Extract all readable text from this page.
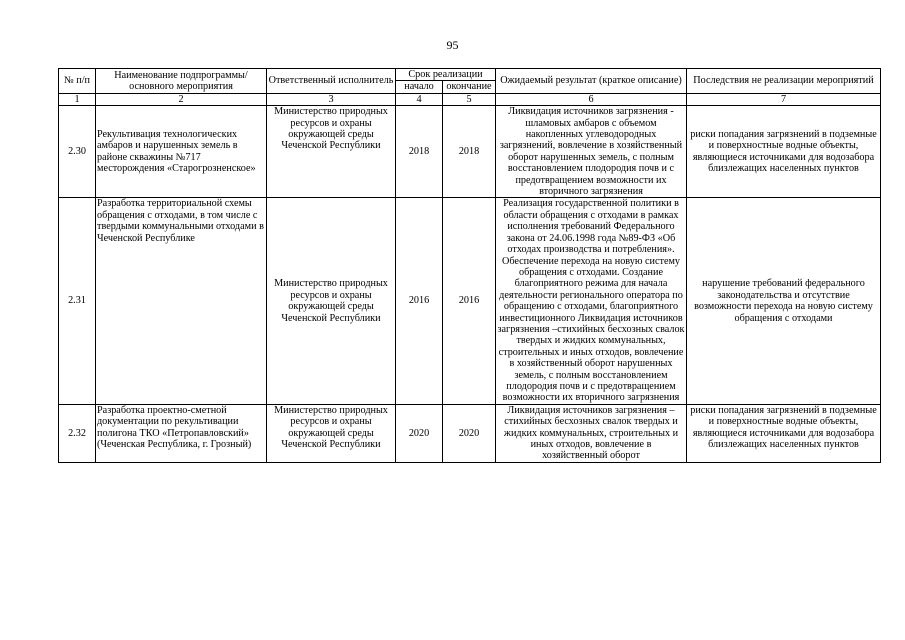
95
№ п/п	Наименование подпрограммы/ основного мероприятия	Ответственный исполнитель	Срок реализации		Ожидаемый результат (краткое описание)	Последствия не реализации мероприятий
			начало	окончание		
1	2	3	4	5	6	7
2.30	Рекультивация технологических амбаров и нарушенных земель в районе скважины №717 месторождения «Старогрозненское»	Министерство природных ресурсов и охраны окружающей среды Чеченской Республики	2018	2018	Ликвидация источников загрязнения - шламовых амбаров с объемом накопленных углеводородных загрязнений, вовлечение в хозяйственный оборот нарушенных земель, с полным восстановлением плодородия почв и с предотвращением возможности их вторичного загрязнения	риски попадания загрязнений в подземные и поверхностные водные объекты, являющиеся источниками для водозабора близлежащих населенных пунктов
2.31	Разработка территориальной схемы обращения с отходами, в том числе с твердыми коммунальными отходами в Чеченской Республике	Министерство природных ресурсов и охраны окружающей среды Чеченской Республики	2016	2016	Реализация государственной политики в области обращения с отходами в рамках исполнения требований Федерального закона от 24.06.1998 года №89-ФЗ «Об отходах производства и потребления». Обеспечение перехода на новую систему обращения с отходами. Создание благоприятного режима для начала деятельности регионального оператора по обращению с отходами, благоприятного инвестиционного Ликвидация источников загрязнения –стихийных бесхозных свалок твердых и жидких коммунальных, строительных и иных отходов, вовлечение в хозяйственный оборот нарушенных земель, с полным восстановлением плодородия почв и с предотвращением возможности их вторичного загрязнения	нарушение требований федерального законодательства и отсутствие возможности перехода на новую систему обращения с отходами
2.32	Разработка проектно-сметной документации по рекультивации полигона ТКО «Петропавловский» (Чеченская Республика, г. Грозный)	Министерство природных ресурсов и охраны окружающей среды Чеченской Республики	2020	2020	Ликвидация источников загрязнения –стихийных бесхозных свалок твердых и жидких коммунальных, строительных и иных отходов, вовлечение в хозяйственный оборот	риски попадания загрязнений в подземные и поверхностные водные объекты, являющиеся источниками для водозабора близлежащих населенных пунктов
